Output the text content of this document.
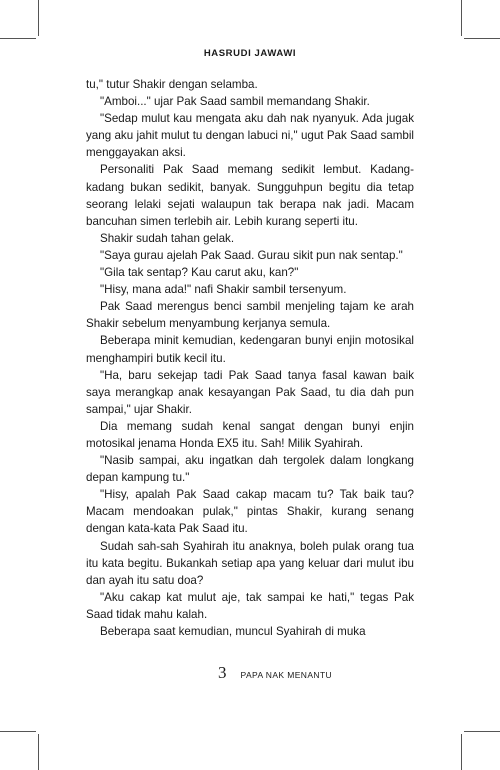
HASRUDI JAWAWI

tu," tutur Shakir dengan selamba.

"Amboi..." ujar Pak Saad sambil memandang Shakir.

"Sedap mulut kau mengata aku dah nak nyanyuk. Ada jugak yang aku jahit mulut tu dengan labuci ni," ugut Pak Saad sambil menggayakan aksi.

Personaliti Pak Saad memang sedikit lembut. Kadang-kadang bukan sedikit, banyak. Sungguhpun begitu dia tetap seorang lelaki sejati walaupun tak berapa nak jadi. Macam bancuhan simen terlebih air. Lebih kurang seperti itu.

Shakir sudah tahan gelak.

"Saya gurau ajelah Pak Saad. Gurau sikit pun nak sentap."

"Gila tak sentap? Kau carut aku, kan?"

"Hisy, mana ada!" nafi Shakir sambil tersenyum.

Pak Saad merengus benci sambil menjeling tajam ke arah Shakir sebelum menyambung kerjanya semula.

Beberapa minit kemudian, kedengaran bunyi enjin motosikal menghampiri butik kecil itu.

"Ha, baru sekejap tadi Pak Saad tanya fasal kawan baik saya merangkap anak kesayangan Pak Saad, tu dia dah pun sampai," ujar Shakir.

Dia memang sudah kenal sangat dengan bunyi enjin motosikal jenama Honda EX5 itu. Sah! Milik Syahirah.

"Nasib sampai, aku ingatkan dah tergolek dalam longkang depan kampung tu."

"Hisy, apalah Pak Saad cakap macam tu? Tak baik tau? Macam mendoakan pulak," pintas Shakir, kurang senang dengan kata-kata Pak Saad itu.

Sudah sah-sah Syahirah itu anaknya, boleh pulak orang tua itu kata begitu. Bukankah setiap apa yang keluar dari mulut ibu dan ayah itu satu doa?

"Aku cakap kat mulut aje, tak sampai ke hati," tegas Pak Saad tidak mahu kalah.

Beberapa saat kemudian, muncul Syahirah di muka

3 PAPA NAK MENANTU
